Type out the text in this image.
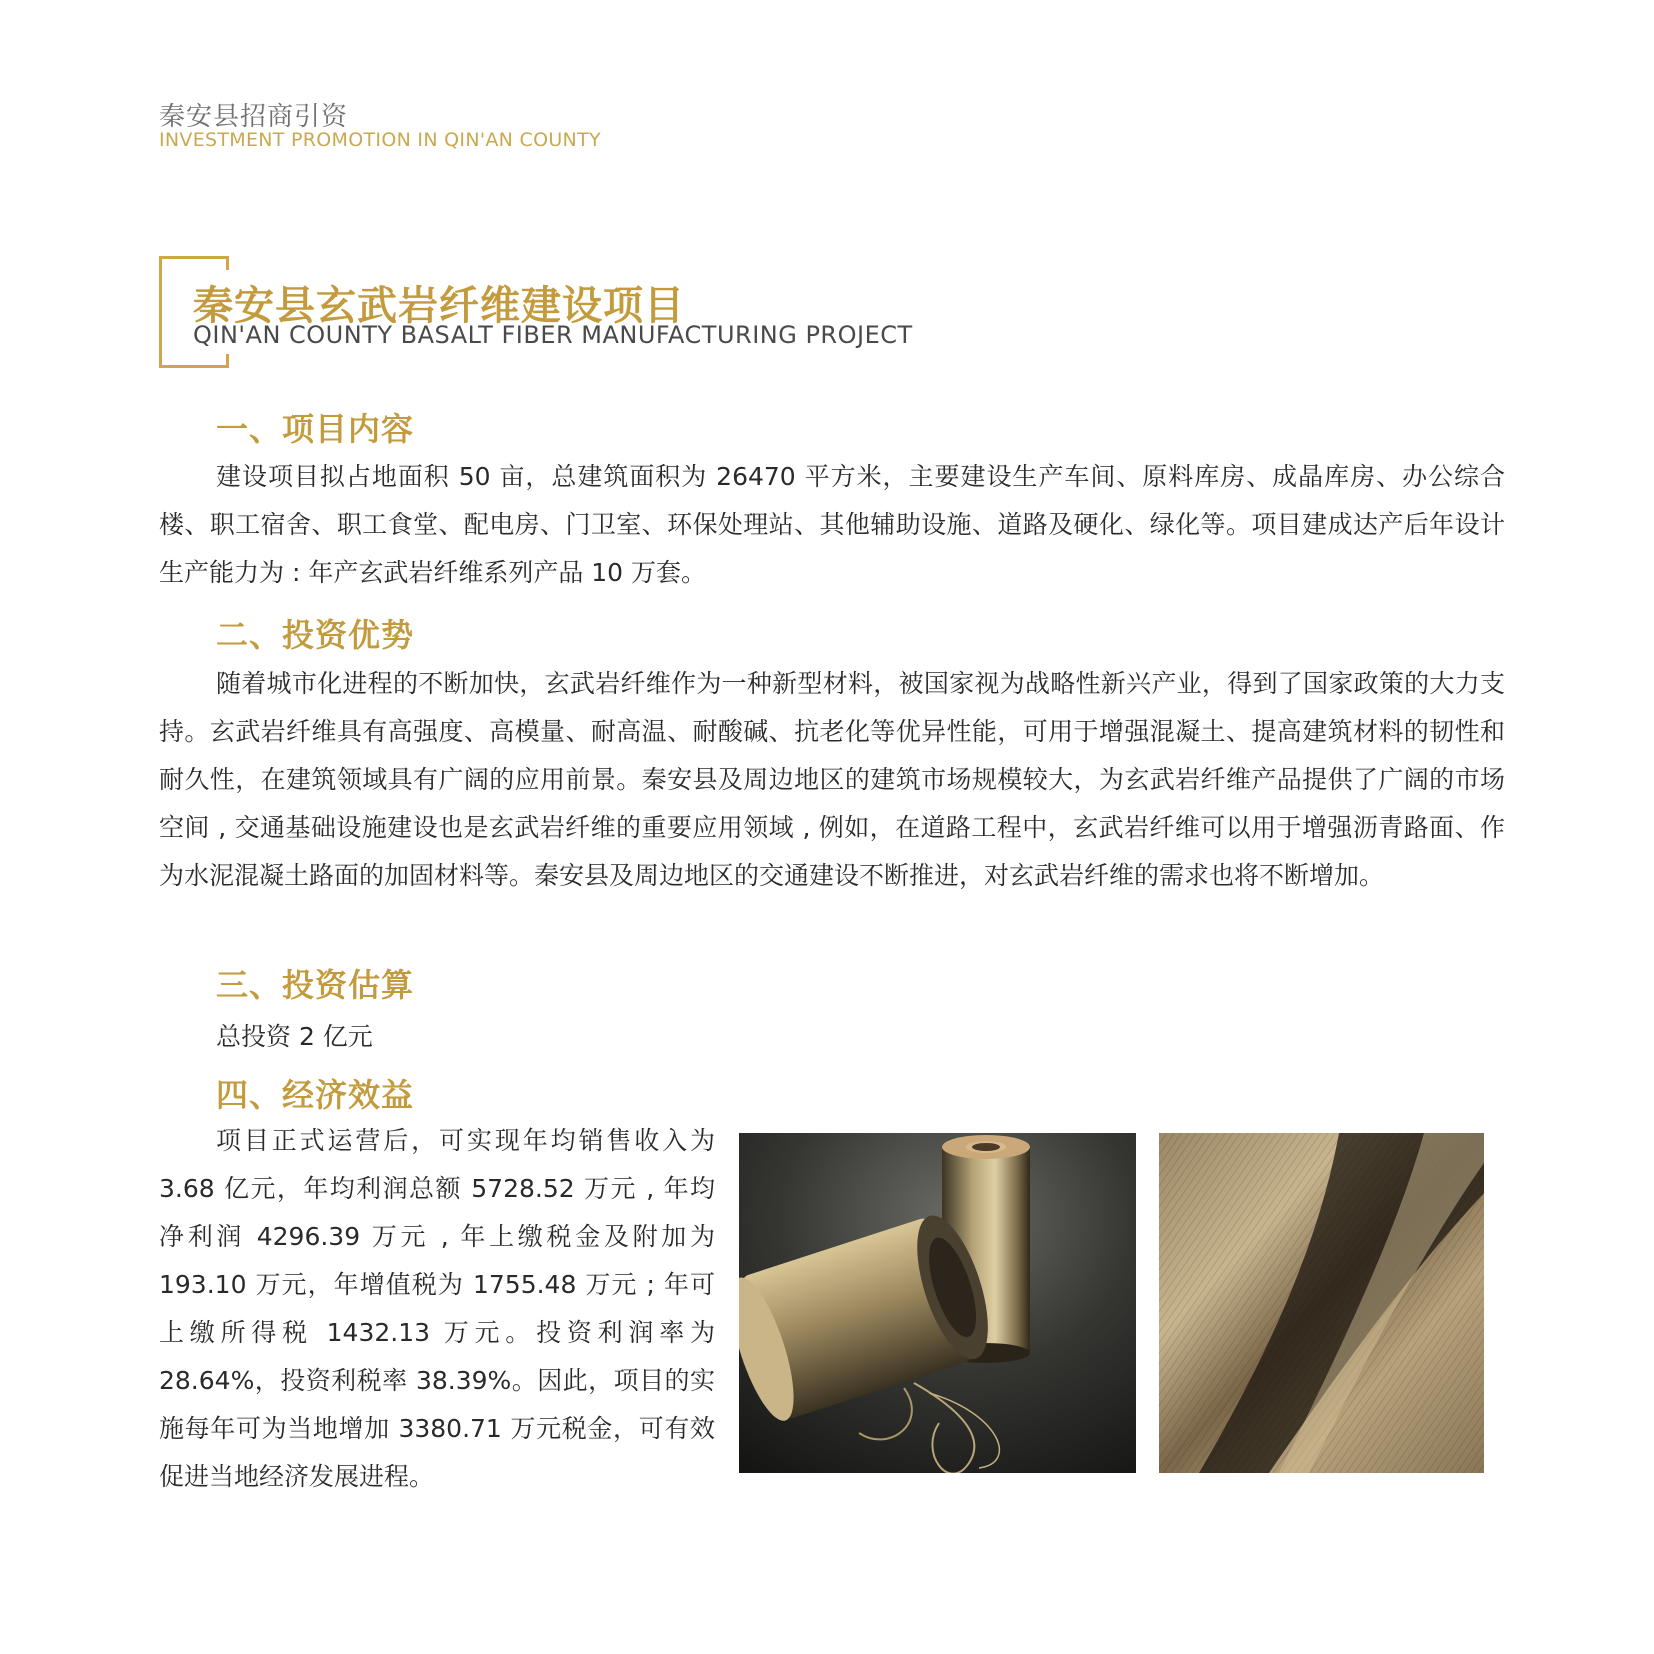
秦安县招商引资
INVESTMENT PROMOTION IN QIN'AN COUNTY
秦安县玄武岩纤维建设项目
QIN'AN COUNTY BASALT FIBER MANUFACTURING PROJECT
一、项目内容

建设项目拟占地面积 50 亩，总建筑面积为 26470 平方米，主要建设生产车间、原料库房、成晶库房、办公综合楼、职工宿舍、职工食堂、配电房、门卫室、环保处理站、其他辅助设施、道路及硬化、绿化等。项目建成达产后年设计生产能力为 : 年产玄武岩纤维系列产品 10 万套。

二、投资优势

随着城市化进程的不断加快，玄武岩纤维作为一种新型材料，被国家视为战略性新兴产业，得到了国家政策的大力支持。玄武岩纤维具有高强度、高模量、耐高温、耐酸碱、抗老化等优异性能，可用于增强混凝土、提高建筑材料的韧性和耐久性，在建筑领域具有广阔的应用前景。秦安县及周边地区的建筑市场规模较大，为玄武岩纤维产品提供了广阔的市场空间 , 交通基础设施建设也是玄武岩纤维的重要应用领域 , 例如，在道路工程中，玄武岩纤维可以用于增强沥青路面、作为水泥混凝土路面的加固材料等。秦安县及周边地区的交通建设不断推进，对玄武岩纤维的需求也将不断增加。

三、投资估算
总投资 2 亿元
四、经济效益

项目正式运营后，可实现年均销售收入为 3.68 亿元，年均利润总额 5728.52 万元 , 年均净利润 4296.39 万元 , 年上缴税金及附加为 193.10 万元，年增值税为 1755.48 万元 ; 年可上缴所得税 1432.13 万元。投资利润率为 28.64%，投资利税率 38.39%。因此，项目的实施每年可为当地增加 3380.71 万元税金，可有效促进当地经济发展进程。
